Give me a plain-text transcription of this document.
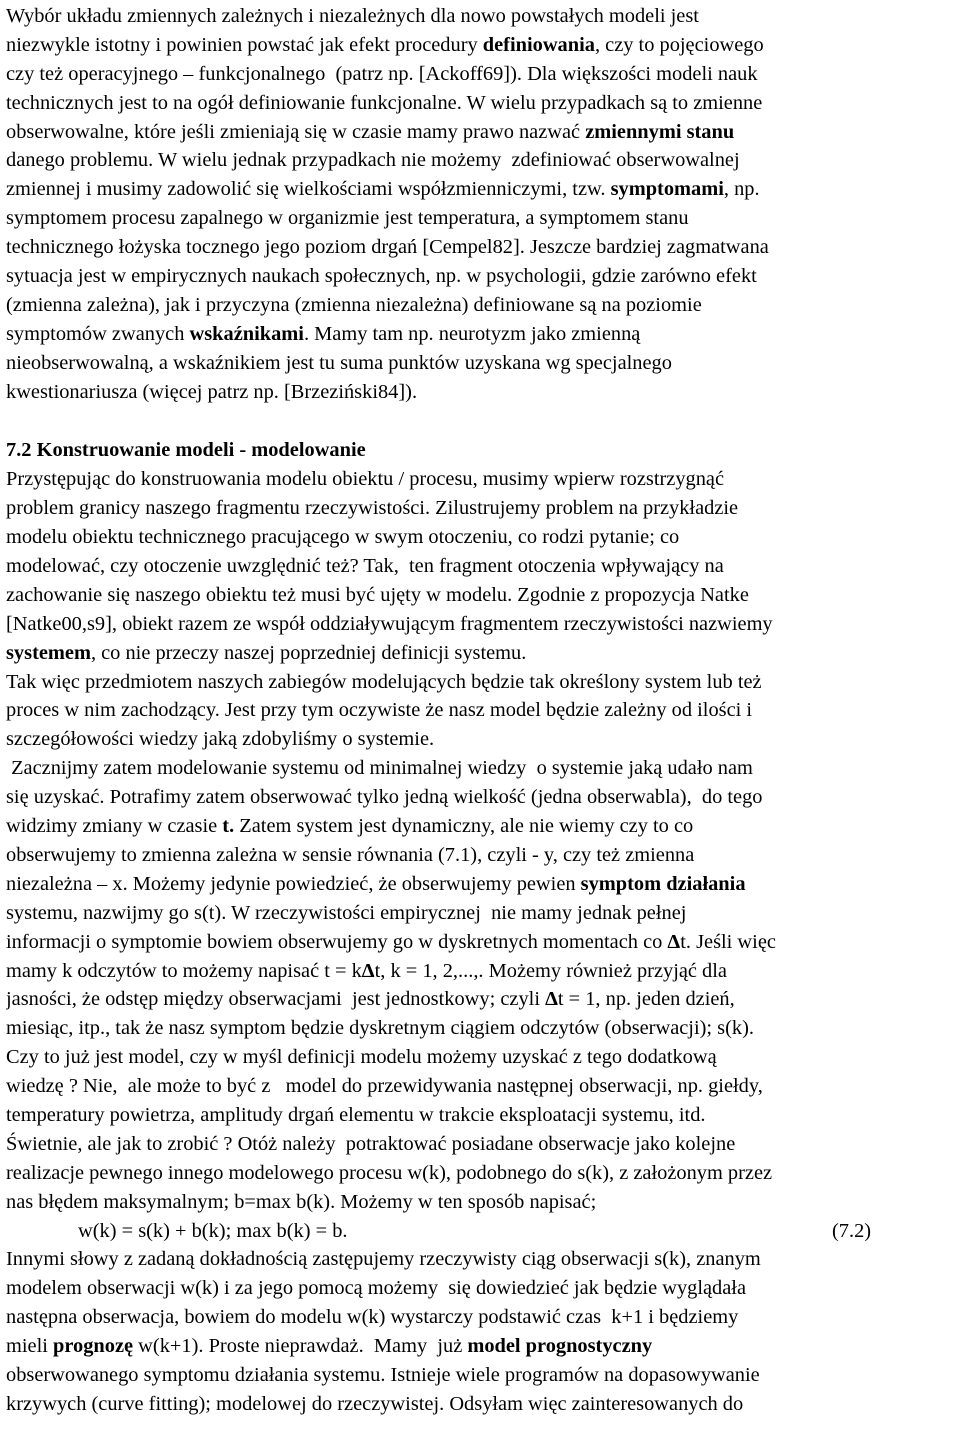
Wybór układu zmiennych zależnych i niezależnych dla nowo powstałych modeli jest
niezwykle istotny i powinien powstać jak efekt procedury definiowania, czy to pojęciowego
czy też operacyjnego – funkcjonalnego  (patrz np. [Ackoff69]). Dla większości modeli nauk
technicznych jest to na ogół definiowanie funkcjonalne. W wielu przypadkach są to zmienne
obserwowalne, które jeśli zmieniają się w czasie mamy prawo nazwać zmiennymi stanu
danego problemu. W wielu jednak przypadkach nie możemy  zdefiniować obserwowalnej
zmiennej i musimy zadowolić się wielkościami współzmienniczymi, tzw. symptomami, np.
symptomem procesu zapalnego w organizmie jest temperatura, a symptomem stanu
technicznego łożyska tocznego jego poziom drgań [Cempel82]. Jeszcze bardziej zagmatwana
sytuacja jest w empirycznych naukach społecznych, np. w psychologii, gdzie zarówno efekt
(zmienna zależna), jak i przyczyna (zmienna niezależna) definiowane są na poziomie
symptomów zwanych wskaźnikami. Mamy tam np. neurotyzm jako zmienną
nieobserwowalną, a wskaźnikiem jest tu suma punktów uzyskana wg specjalnego
kwestionariusza (więcej patrz np. [Brzeziński84]).
7.2 Konstruowanie modeli - modelowanie
Przystępując do konstruowania modelu obiektu / procesu, musimy wpierw rozstrzygnąć
problem granicy naszego fragmentu rzeczywistości. Zilustrujemy problem na przykładzie
modelu obiektu technicznego pracującego w swym otoczeniu, co rodzi pytanie; co
modelować, czy otoczenie uwzględnić też? Tak,  ten fragment otoczenia wpływający na
zachowanie się naszego obiektu też musi być ujęty w modelu. Zgodnie z propozycja Natke
[Natke00,s9], obiekt razem ze współ oddziaływującym fragmentem rzeczywistości nazwiemy
systemem, co nie przeczy naszej poprzedniej definicji systemu.
Tak więc przedmiotem naszych zabiegów modelujących będzie tak określony system lub też
proces w nim zachodzący. Jest przy tym oczywiste że nasz model będzie zależny od ilości i
szczegółowości wiedzy jaką zdobyliśmy o systemie.
Zacznijmy zatem modelowanie systemu od minimalnej wiedzy  o systemie jaką udało nam
się uzyskać. Potrafimy zatem obserwować tylko jedną wielkość (jedna obserwabla),  do tego
widzimy zmiany w czasie t. Zatem system jest dynamiczny, ale nie wiemy czy to co
obserwujemy to zmienna zależna w sensie równania (7.1), czyli - y, czy też zmienna
niezależna – x. Możemy jedynie powiedzieć, że obserwujemy pewien symptom działania
systemu, nazwijmy go s(t). W rzeczywistości empirycznej  nie mamy jednak pełnej
informacji o symptomie bowiem obserwujemy go w dyskretnych momentach co Δt. Jeśli więc
mamy k odczytów to możemy napisać t = kΔt, k = 1, 2,...,. Możemy również przyjąć dla
jasności, że odstęp między obserwacjami  jest jednostkowy; czyli Δt = 1, np. jeden dzień,
miesiąc, itp., tak że nasz symptom będzie dyskretnym ciągiem odczytów (obserwacji); s(k).
Czy to już jest model, czy w myśl definicji modelu możemy uzyskać z tego dodatkową
wiedzę ? Nie,  ale może to być z   model do przewidywania następnej obserwacji, np. giełdy,
temperatury powietrza, amplitudy drgań elementu w trakcie eksploatacji systemu, itd.
Świetnie, ale jak to zrobić ? Otóż należy  potraktować posiadane obserwacje jako kolejne
realizacje pewnego innego modelowego procesu w(k), podobnego do s(k), z założonym przez
nas błędem maksymalnym; b=max b(k). Możemy w ten sposób napisać;
w(k) = s(k) + b(k); max b(k) = b.	(7.2)
Innymi słowy z zadaną dokładnością zastępujemy rzeczywisty ciąg obserwacji s(k), znanym
modelem obserwacji w(k) i za jego pomocą możemy  się dowiedzieć jak będzie wyglądała
następna obserwacja, bowiem do modelu w(k) wystarczy podstawić czas  k+1 i będziemy
mieli prognozę w(k+1). Proste nieprawdaż.  Mamy  już model prognostyczny
obserwowanego symptomu działania systemu. Istnieje wiele programów na dopasowywanie
krzywych (curve fitting); modelowej do rzeczywistej. Odsyłam więc zainteresowanych do
